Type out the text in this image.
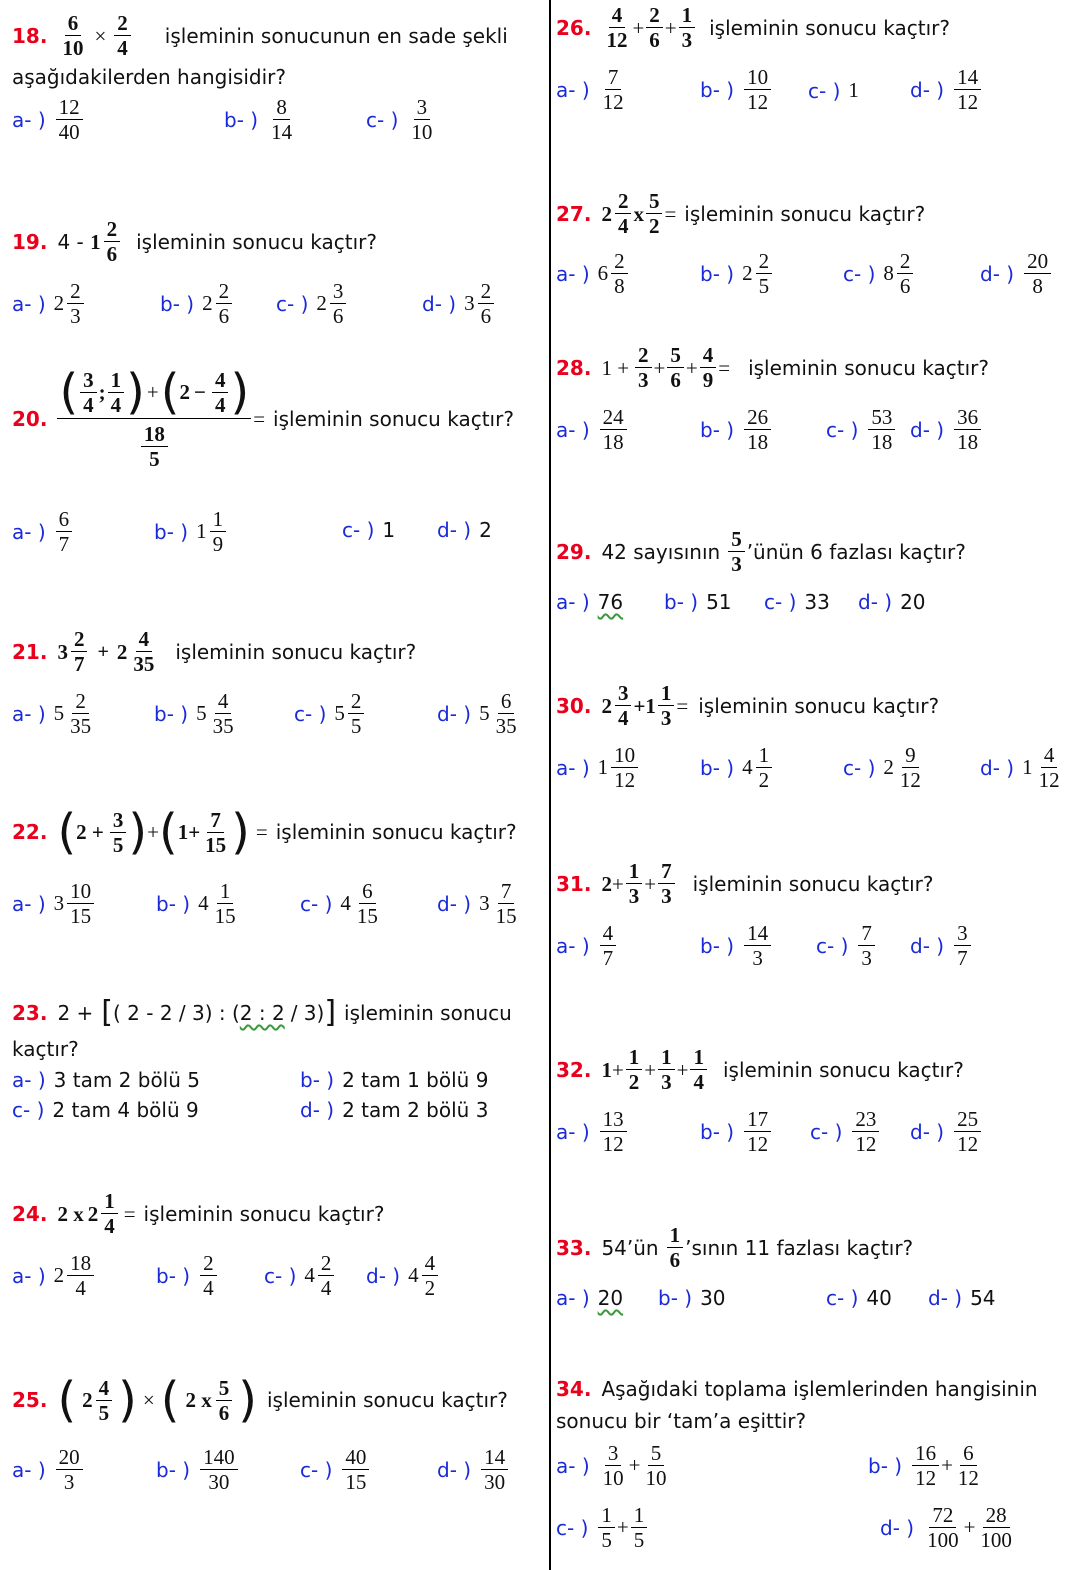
18. $\frac{6}{10} \times \frac{2}{4}$ işleminin sonucunun en sade şekli
aşağıdakilerden hangisidir?
a- ) $\frac{12}{40}$	b- ) $\frac{8}{14}$	c- ) $\frac{3}{10}$
19. $4 - 1 \frac{2}{6}$ işleminin sonucu kaçtır?
a- ) $2 \frac{2}{3}$	b- ) $2 \frac{2}{6} c-$ ) $2 \frac{3}{6}$	d- ) $3 \frac{2}{6}$
20. ( $\frac{3}{4}$ ; $\frac{1}{4}$ ) + ( $2 - \frac{4}{4}$ )
$\frac{18}{5}$	= işleminin sonucu kaçtır?
a- ) $\frac{6}{7}$	b- ) $1 \frac{1}{9}$	c- ) 1 d- ) 2
21. $3 \frac{2}{7} + 2 \frac{4}{35}$ işleminin sonucu kaçtır?
a- ) $5 \frac{2}{35}$	b- ) $5 \frac{4}{35}$	c- ) $5 \frac{2}{5}$	d- ) $5 \frac{6}{35}$
22. ( $2 + \frac{3}{5}$ ) + ( $1+ \frac{7}{15}$ ) = işleminin sonucu kaçtır?
a- ) $3 \frac{10}{15}$	b- ) $4 \frac{1}{15}$	c- ) $4 \frac{6}{15}$	d- ) $3 \frac{7}{15}$
23. 2 + [ ( 2 - 2 / 3) : ( 2 : 2 / 3) ] işleminin sonucu
kaçtır?
a- ) 3 tam 2 bölü 5	b- ) 2 tam 1 bölü 9
c- ) 2 tam 4 bölü 9	d- ) 2 tam 2 bölü 3
24. 2 x $2 \frac{1}{4}$ = işleminin sonucu kaçtır?
a- ) $2 \frac{18}{4}$	b- ) $\frac{2}{4} c-$ ) $4 \frac{2}{4} d-$ ) $4 \frac{4}{2}$
25. ( $2 \frac{4}{5}$ ) × ( 2 x $\frac{5}{6}$ ) işleminin sonucu kaçtır?
a- ) $\frac{20}{3}$	b- ) $\frac{140}{30}$	c- ) $\frac{40}{15}$	d- ) $\frac{14}{30}$
26. $\frac{4}{12} + \frac{2}{6} + \frac{1}{3}$ işleminin sonucu kaçtır?
a- ) $\frac{7}{12}$	b- ) $\frac{10}{12} c-$ ) 1	d- ) $\frac{14}{12}$
27. $2 \frac{2}{4}$ x $\frac{5}{2}$ = işleminin sonucu kaçtır?
a- ) $6 \frac{2}{8}$	b- ) $2 \frac{2}{5}$	c- ) $8 \frac{2}{6}$	d- ) $\frac{20}{8}$
28. $1 + \frac{2}{3} + \frac{5}{6} + \frac{4}{9}$ = işleminin sonucu kaçtır?
a- ) $\frac{24}{18}$	b- ) $\frac{26}{18}$	c- ) $\frac{53}{18} d-$ ) $\frac{36}{18}$
29. 42 sayısının $\frac{5}{3}$ ’ünün 6 fazlası kaçtır?
a- ) 76 b- ) 51 c- ) 33 d- ) 20
30. $2 \frac{3}{4} +1 \frac{1}{3}$ = işleminin sonucu kaçtır?
a- ) $1 \frac{10}{12}$	b- ) $4 \frac{1}{2}$	c- ) $2 \frac{9}{12}$	d- ) $1 \frac{4}{12}$
31. $2 + \frac{1}{3} + \frac{7}{3}$ işleminin sonucu kaçtır?
a- ) $\frac{4}{7}$	b- ) $\frac{14}{3} c-$ ) $\frac{7}{3} d-$ ) $\frac{3}{7}$
32. $1 + \frac{1}{2} + \frac{1}{3} + \frac{1}{4}$ işleminin sonucu kaçtır?
a- ) $\frac{13}{12}$	b- ) $\frac{17}{12} c-$ ) $\frac{23}{12} d-$ ) $\frac{25}{12}$
33. 54’ün $\frac{1}{6}$ ’sının 11 fazlası kaçtır?
a- ) 20 b- ) 30	c- ) 40 d- ) 54
34. Aşağıdaki toplama işlemlerinden hangisinin
sonucu bir ‘tam’a eşittir?
a- ) $\frac{3}{10} + \frac{5}{10}$	b- ) $\frac{16}{12} + \frac{6}{12}$
c- ) $\frac{1}{5} + \frac{1}{5}$	d- ) $\frac{72}{100} + \frac{28}{100}$
